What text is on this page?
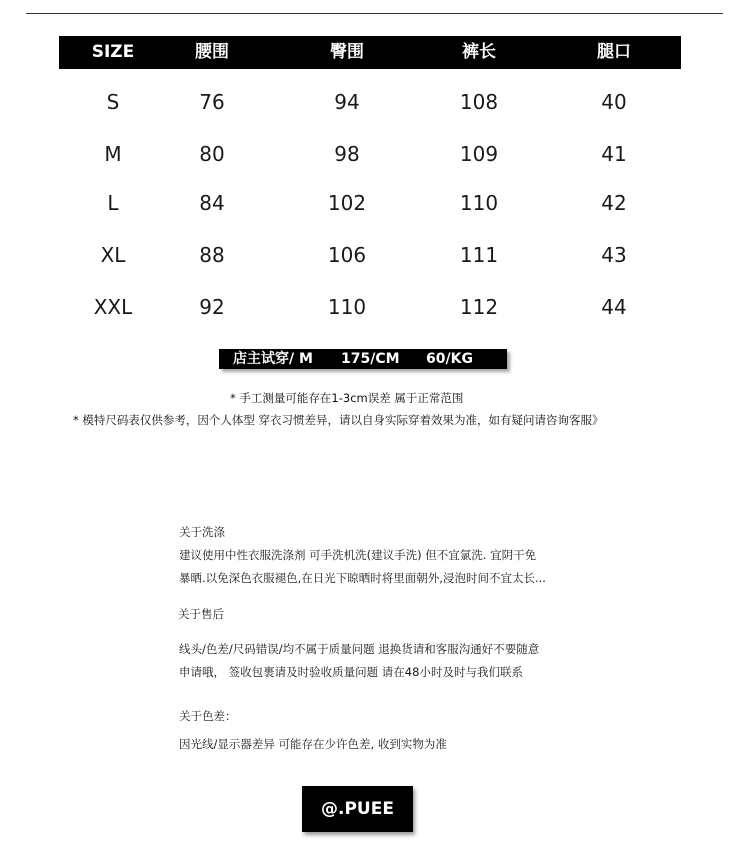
SIZE	腰围	臀围	裤长	腿口
S	76	94	108	40
M	80	98	109	41
L	84	102	110	42
XL	88	106	111	43
XXL	92	110	112	44
店主试穿/ M 175/CM 60/KG
* 手工测量可能存在1-3cm误差 属于正常范围
* 模特尺码表仅供参考，因个人体型 穿衣习惯差异，请以自身实际穿着效果为准，如有疑问请咨询客服》
关于洗涤
建议使用中性衣服洗涤剂 可手洗机洗(建议手洗) 但不宜氯洗. 宜阴干免
暴晒.以免深色衣服褪色,在日光下晾晒时将里面朝外,浸泡时间不宜太长...
关于售后
线头/色差/尺码错误/均不属于质量问题 退换货请和客服沟通好不要随意
申请哦， 签收包裹请及时验收质量问题 请在48小时及时与我们联系
关于色差：
因光线/显示器差异 可能存在少许色差, 收到实物为准
@.PUEE
